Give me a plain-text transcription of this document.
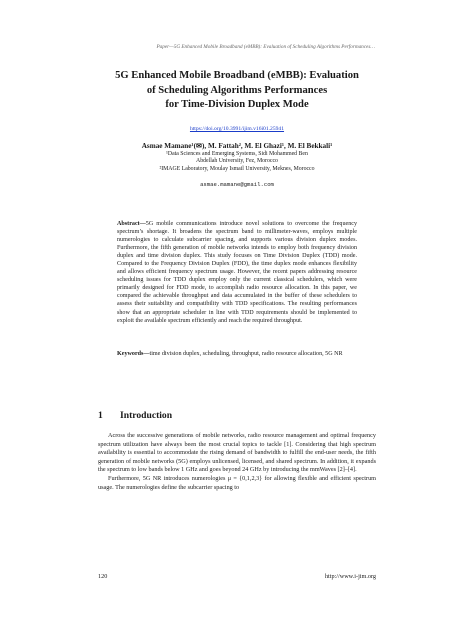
Paper—5G Enhanced Mobile Broadband (eMBB): Evaluation of Scheduling Algorithms Performances…
5G Enhanced Mobile Broadband (eMBB): Evaluation
of Scheduling Algorithms Performances
for Time-Division Duplex Mode
https://doi.org/10.3991/ijim.v16i01.25941
Asmae Mamane¹(✉), M. Fattah², M. El Ghazi¹, M. El Bekkali¹
¹Data Sciences and Emerging Systems, Sidi Mohammed Ben
Abdellah University, Fez, Morocco
²IMAGE Laboratory, Moulay Ismail University, Meknes, Morocco
asmae.mamane@gmail.com
Abstract—5G mobile communications introduce novel solutions to overcome the frequency spectrum’s shortage. It broadens the spectrum band to millimeter-waves, employs multiple numerologies to calculate subcarrier spacing, and supports various division duplex modes. Furthermore, the fifth generation of mobile networks intends to employ both frequency division duplex and time division duplex. This study focuses on Time Division Duplex (TDD) mode. Compared to the Frequency Division Duplex (FDD), the time duplex mode enhances flexibility and allows efficient frequency spectrum usage. However, the recent papers addressing resource scheduling issues for TDD duplex employ only the current classical schedulers, which were primarily designed for FDD mode, to accomplish radio resource allocation. In this paper, we compared the achievable throughput and data accumulated in the buffer of these schedulers to assess their suitability and compatibility with TDD specifications. The resulting performances show that an appropriate scheduler in line with TDD requirements should be implemented to exploit the available spectrum efficiently and reach the required throughput.
Keywords—time division duplex, scheduling, throughput, radio resource allocation, 5G NR
1 Introduction

Across the successive generations of mobile networks, radio resource management and optimal frequency spectrum utilization have always been the most crucial topics to tackle [1]. Considering that high spectrum availability is essential to accommodate the rising demand of bandwidth to fulfill the end-user needs, the fifth generation of mobile networks (5G) employs unlicensed, licensed, and shared spectrum. In addition, it expands the spectrum to low bands below 1 GHz and goes beyond 24 GHz by introducing the mmWaves [2]–[4].

Furthermore, 5G NR introduces numerologies μ = {0,1,2,3} for allowing flexible and efficient spectrum usage. The numerologies define the subcarrier spacing to

120	http://www.i-jim.org
